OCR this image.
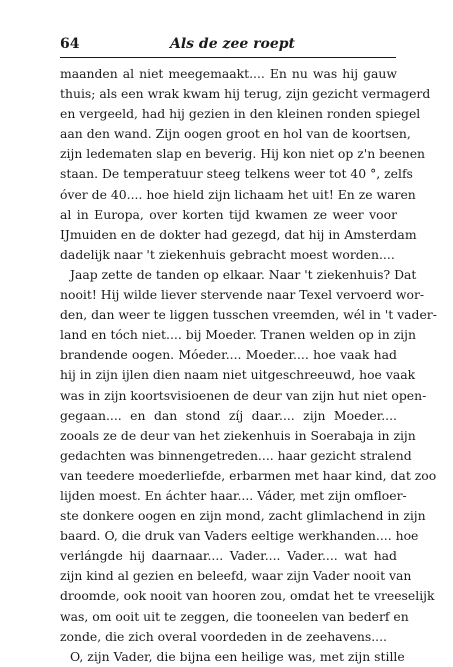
64	Als de zee roept
maanden al niet meegemaakt.... En nu was hij gauw
thuis; als een wrak kwam hij terug, zijn gezicht vermagerd
en vergeeld, had hij gezien in den kleinen ronden spiegel
aan den wand. Zijn oogen groot en hol van de koortsen,
zijn ledematen slap en beverig. Hij kon niet op z'n beenen
staan. De temperatuur steeg telkens weer tot 40 °, zelfs
óver de 40.... hoe hield zijn lichaam het uit! En ze waren
al in Europa, over korten tijd kwamen ze weer voor
IJmuiden en de dokter had gezegd, dat hij in Amsterdam
dadelijk naar 't ziekenhuis gebracht moest worden....
Jaap zette de tanden op elkaar. Naar 't ziekenhuis? Dat
nooit! Hij wilde liever stervende naar Texel vervoerd wor-
den, dan weer te liggen tusschen vreemden, wél in 't vader-
land en tóch niet.... bij Moeder. Tranen welden op in zijn
brandende oogen. Móeder.... Moeder.... hoe vaak had
hij in zijn ijlen dien naam niet uitgeschreeuwd, hoe vaak
was in zijn koortsvisioenen de deur van zijn hut niet open-
gegaan.... en dan stond zíj daar.... zijn Moeder....
zooals ze de deur van het ziekenhuis in Soerabaja in zijn
gedachten was binnengetreden.... haar gezicht stralend
van teedere moederliefde, erbarmen met haar kind, dat zoo
lijden moest. En áchter haar.... Váder, met zijn omfloer-
ste donkere oogen en zijn mond, zacht glimlachend in zijn
baard. O, die druk van Vaders eeltige werkhanden.... hoe
verlángde hij daarnaar.... Vader.... Vader.... wat had
zijn kind al gezien en beleefd, waar zijn Vader nooit van
droomde, ook nooit van hooren zou, omdat het te vreeselijk
was, om ooit uit te zeggen, die tooneelen van bederf en
zonde, die zich overal voordeden in de zeehavens....
O, zijn Vader, die bijna een heilige was, met zijn stille
